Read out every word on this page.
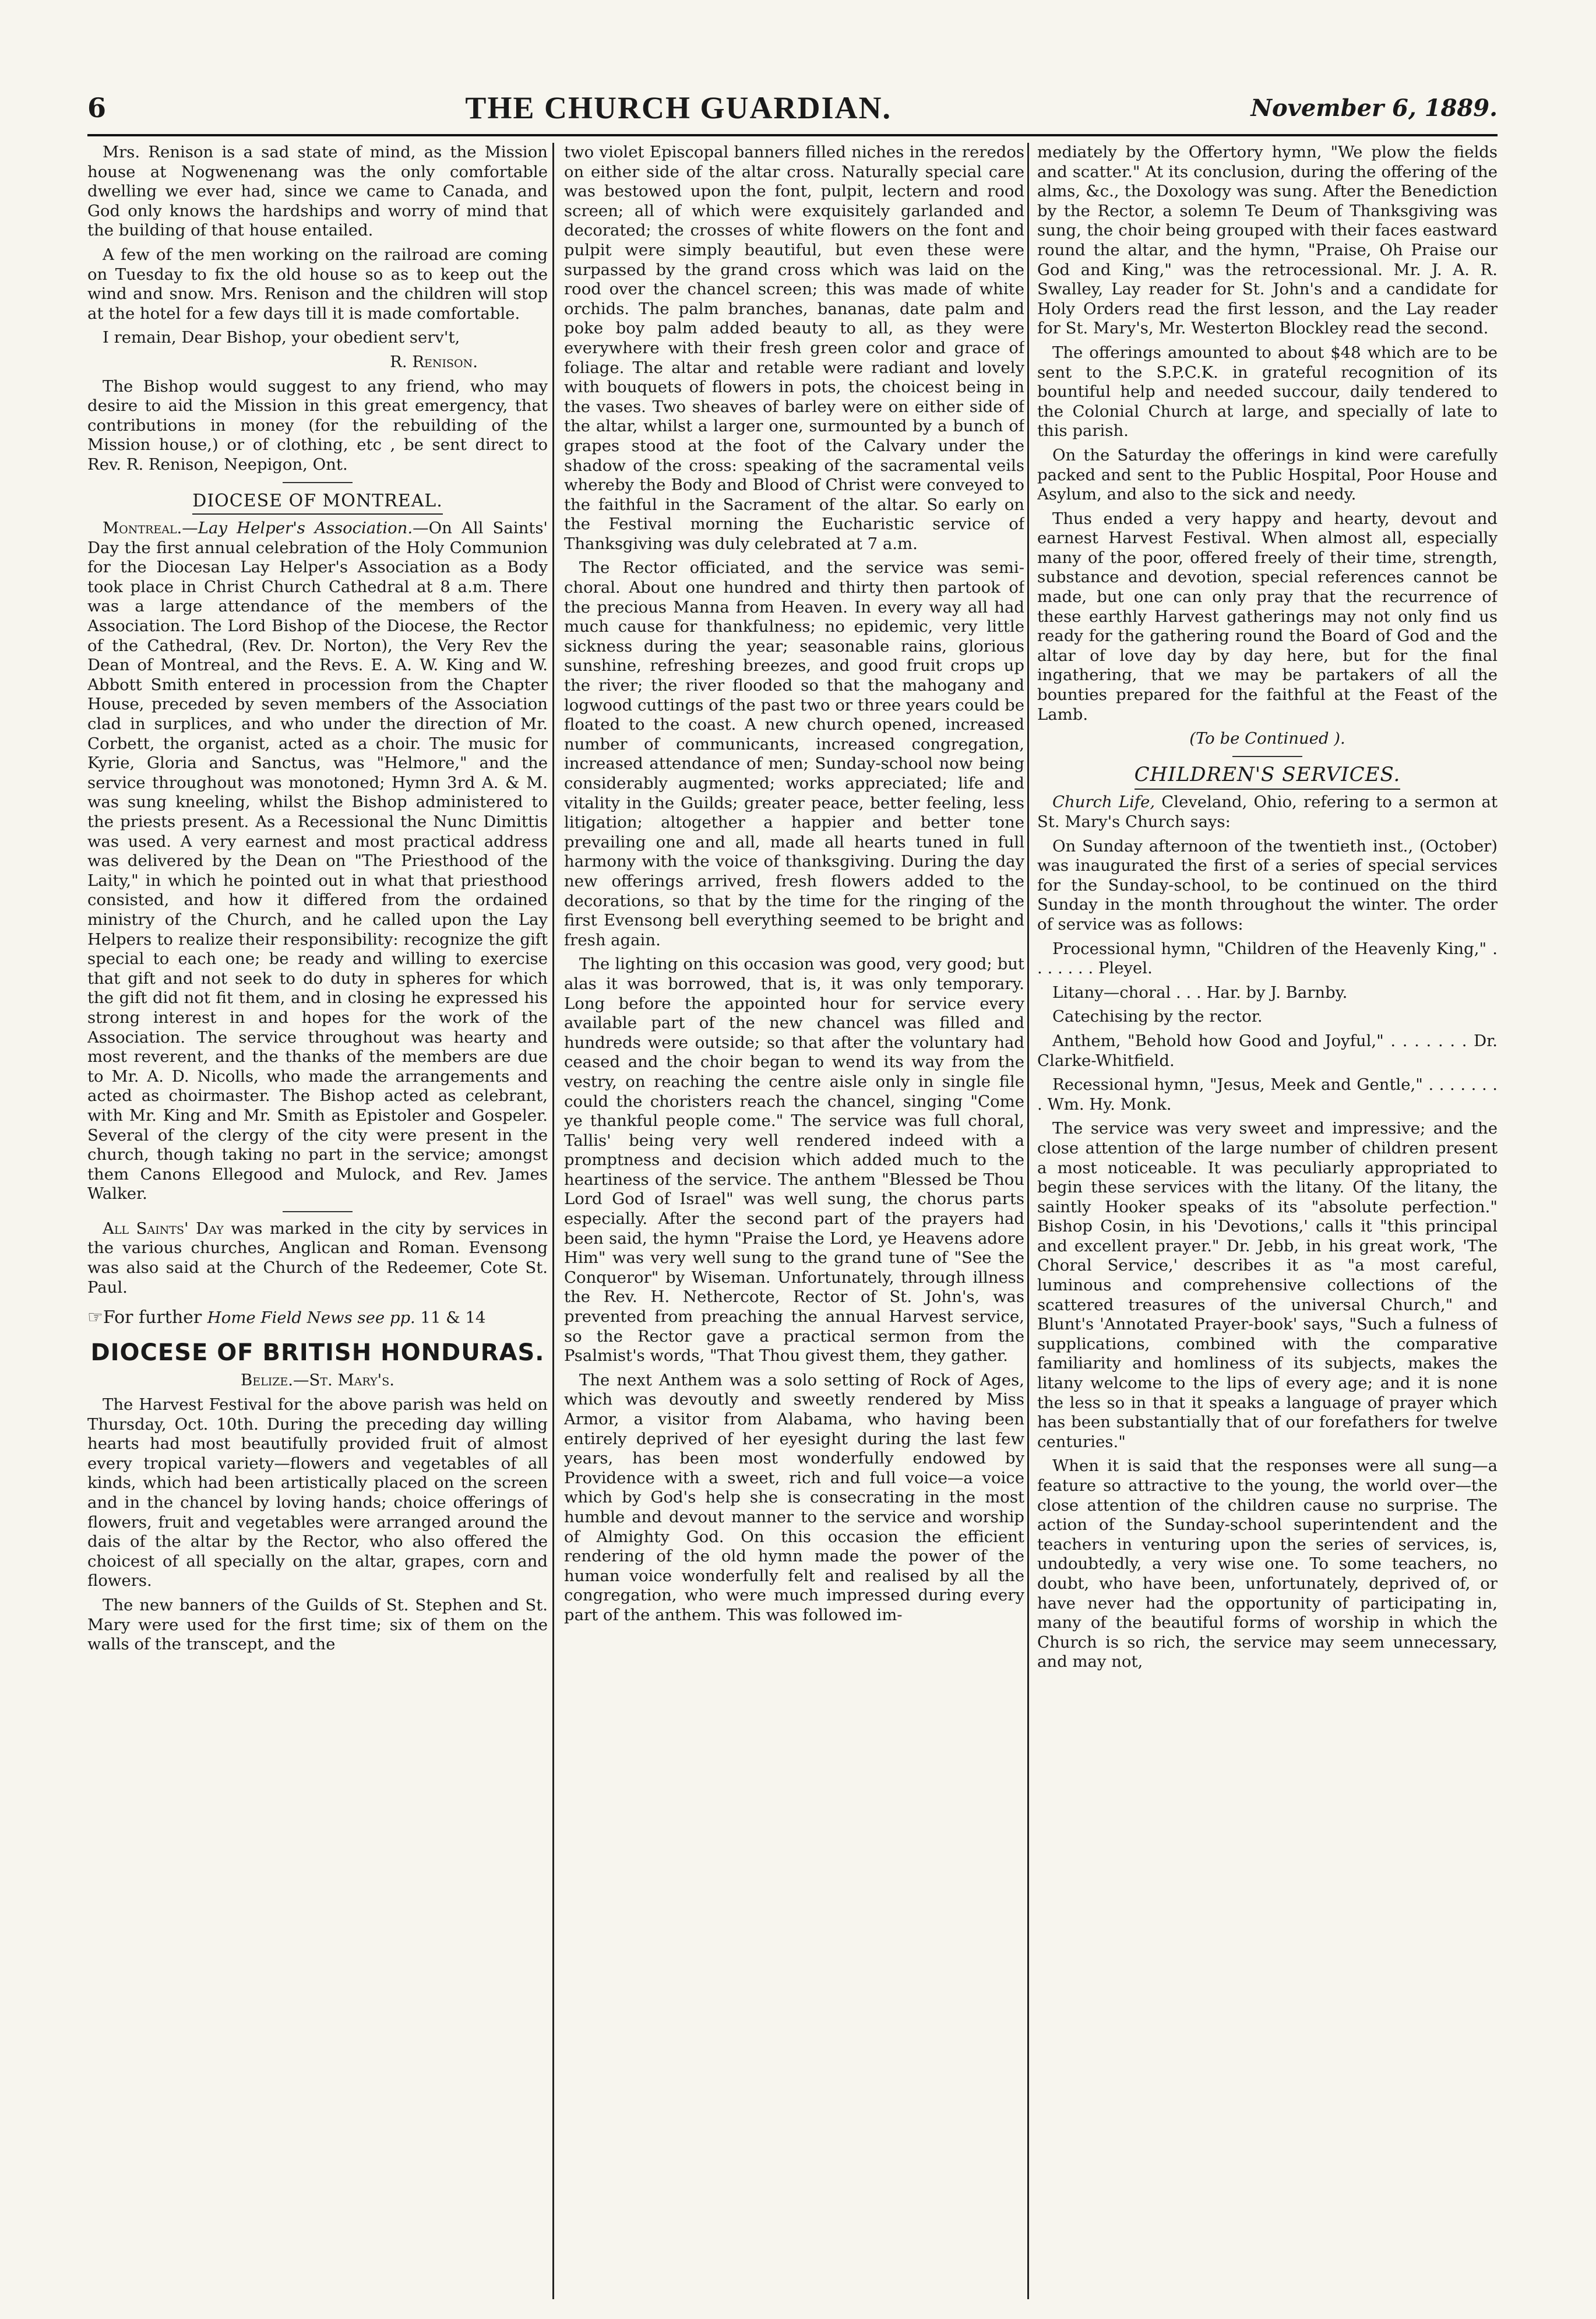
6	THE CHURCH GUARDIAN.	November 6, 1889.

Mrs. Renison is a sad state of mind, as the Mission house at Nogwenenang was the only comfortable dwelling we ever had, since we came to Canada, and God only knows the hardships and worry of mind that the building of that house entailed.

A few of the men working on the railroad are coming on Tuesday to fix the old house so as to keep out the wind and snow. Mrs. Renison and the children will stop at the hotel for a few days till it is made comfortable.

I remain, Dear Bishop, your obedient serv't,

R. Renison.

The Bishop would suggest to any friend, who may desire to aid the Mission in this great emergency, that contributions in money (for the rebuilding of the Mission house,) or of clothing, etc , be sent direct to Rev. R. Renison, Neepigon, Ont.

DIOCESE OF MONTREAL.

Montreal.—Lay Helper's Association.—On All Saints' Day the first annual celebration of the Holy Communion for the Diocesan Lay Helper's Association as a Body took place in Christ Church Cathedral at 8 a.m. There was a large attendance of the members of the Association. The Lord Bishop of the Diocese, the Rector of the Cathedral, (Rev. Dr. Norton), the Very Rev the Dean of Montreal, and the Revs. E. A. W. King and W. Abbott Smith entered in procession from the Chapter House, preceded by seven members of the Association clad in surplices, and who under the direction of Mr. Corbett, the organist, acted as a choir. The music for Kyrie, Gloria and Sanctus, was "Helmore," and the service throughout was monotoned; Hymn 3rd A. & M. was sung kneeling, whilst the Bishop administered to the priests present. As a Recessional the Nunc Dimittis was used. A very earnest and most practical address was delivered by the Dean on "The Priesthood of the Laity," in which he pointed out in what that priesthood consisted, and how it differed from the ordained ministry of the Church, and he called upon the Lay Helpers to realize their responsibility: recognize the gift special to each one; be ready and willing to exercise that gift and not seek to do duty in spheres for which the gift did not fit them, and in closing he expressed his strong interest in and hopes for the work of the Association. The service throughout was hearty and most reverent, and the thanks of the members are due to Mr. A. D. Nicolls, who made the arrangements and acted as choirmaster. The Bishop acted as celebrant, with Mr. King and Mr. Smith as Epistoler and Gospeler. Several of the clergy of the city were present in the church, though taking no part in the service; amongst them Canons Ellegood and Mulock, and Rev. James Walker.

All Saints' Day was marked in the city by services in the various churches, Anglican and Roman. Evensong was also said at the Church of the Redeemer, Cote St. Paul.

☞For further Home Field News see pp. 11 & 14

DIOCESE OF BRITISH HONDURAS.

Belize.—St. Mary's.

The Harvest Festival for the above parish was held on Thursday, Oct. 10th. During the preceding day willing hearts had most beautifully provided fruit of almost every tropical variety—flowers and vegetables of all kinds, which had been artistically placed on the screen and in the chancel by loving hands; choice offerings of flowers, fruit and vegetables were arranged around the dais of the altar by the Rector, who also offered the choicest of all specially on the altar, grapes, corn and flowers.

The new banners of the Guilds of St. Stephen and St. Mary were used for the first time; six of them on the walls of the transcept, and the

two violet Episcopal banners filled niches in the reredos on either side of the altar cross. Naturally special care was bestowed upon the font, pulpit, lectern and rood screen; all of which were exquisitely garlanded and decorated; the crosses of white flowers on the font and pulpit were simply beautiful, but even these were surpassed by the grand cross which was laid on the rood over the chancel screen; this was made of white orchids. The palm branches, bananas, date palm and poke boy palm added beauty to all, as they were everywhere with their fresh green color and grace of foliage. The altar and retable were radiant and lovely with bouquets of flowers in pots, the choicest being in the vases. Two sheaves of barley were on either side of the altar, whilst a larger one, surmounted by a bunch of grapes stood at the foot of the Calvary under the shadow of the cross: speaking of the sacramental veils whereby the Body and Blood of Christ were conveyed to the faithful in the Sacrament of the altar. So early on the Festival morning the Eucharistic service of Thanksgiving was duly celebrated at 7 a.m.

The Rector officiated, and the service was semi-choral. About one hundred and thirty then partook of the precious Manna from Heaven. In every way all had much cause for thankfulness; no epidemic, very little sickness during the year; seasonable rains, glorious sunshine, refreshing breezes, and good fruit crops up the river; the river flooded so that the mahogany and logwood cuttings of the past two or three years could be floated to the coast. A new church opened, increased number of communicants, increased congregation, increased attendance of men; Sunday-school now being considerably augmented; works appreciated; life and vitality in the Guilds; greater peace, better feeling, less litigation; altogether a happier and better tone prevailing one and all, made all hearts tuned in full harmony with the voice of thanksgiving. During the day new offerings arrived, fresh flowers added to the decorations, so that by the time for the ringing of the first Evensong bell everything seemed to be bright and fresh again.

The lighting on this occasion was good, very good; but alas it was borrowed, that is, it was only temporary. Long before the appointed hour for service every available part of the new chancel was filled and hundreds were outside; so that after the voluntary had ceased and the choir began to wend its way from the vestry, on reaching the centre aisle only in single file could the choristers reach the chancel, singing "Come ye thankful people come." The service was full choral, Tallis' being very well rendered indeed with a promptness and decision which added much to the heartiness of the service. The anthem "Blessed be Thou Lord God of Israel" was well sung, the chorus parts especially. After the second part of the prayers had been said, the hymn "Praise the Lord, ye Heavens adore Him" was very well sung to the grand tune of "See the Conqueror" by Wiseman. Unfortunately, through illness the Rev. H. Nethercote, Rector of St. John's, was prevented from preaching the annual Harvest service, so the Rector gave a practical sermon from the Psalmist's words, "That Thou givest them, they gather.

The next Anthem was a solo setting of Rock of Ages, which was devoutly and sweetly rendered by Miss Armor, a visitor from Alabama, who having been entirely deprived of her eyesight during the last few years, has been most wonderfully endowed by Providence with a sweet, rich and full voice—a voice which by God's help she is consecrating in the most humble and devout manner to the service and worship of Almighty God. On this occasion the efficient rendering of the old hymn made the power of the human voice wonderfully felt and realised by all the congregation, who were much impressed during every part of the anthem. This was followed im-

mediately by the Offertory hymn, "We plow the fields and scatter." At its conclusion, during the offering of the alms, &c., the Doxology was sung. After the Benediction by the Rector, a solemn Te Deum of Thanksgiving was sung, the choir being grouped with their faces eastward round the altar, and the hymn, "Praise, Oh Praise our God and King," was the retrocessional. Mr. J. A. R. Swalley, Lay reader for St. John's and a candidate for Holy Orders read the first lesson, and the Lay reader for St. Mary's, Mr. Westerton Blockley read the second.

The offerings amounted to about $48 which are to be sent to the S.P.C.K. in grateful recognition of its bountiful help and needed succour, daily tendered to the Colonial Church at large, and specially of late to this parish.

On the Saturday the offerings in kind were carefully packed and sent to the Public Hospital, Poor House and Asylum, and also to the sick and needy.

Thus ended a very happy and hearty, devout and earnest Harvest Festival. When almost all, especially many of the poor, offered freely of their time, strength, substance and devotion, special references cannot be made, but one can only pray that the recurrence of these earthly Harvest gatherings may not only find us ready for the gathering round the Board of God and the altar of love day by day here, but for the final ingathering, that we may be partakers of all the bounties prepared for the faithful at the Feast of the Lamb.

(To be Continued ).

CHILDREN'S SERVICES.

Church Life, Cleveland, Ohio, refering to a sermon at St. Mary's Church says:

On Sunday afternoon of the twentieth inst., (October) was inaugurated the first of a series of special services for the Sunday-school, to be continued on the third Sunday in the month throughout the winter. The order of service was as follows:

Processional hymn, "Children of the Heavenly King," . . . . . . . Pleyel.

Litany—choral . . . Har. by J. Barnby.

Catechising by the rector.

Anthem, "Behold how Good and Joyful," . . . . . . . Dr. Clarke-Whitfield.

Recessional hymn, "Jesus, Meek and Gentle," . . . . . . . . Wm. Hy. Monk.

The service was very sweet and impressive; and the close attention of the large number of children present a most noticeable. It was peculiarly appropriated to begin these services with the litany. Of the litany, the saintly Hooker speaks of its "absolute perfection." Bishop Cosin, in his 'Devotions,' calls it "this principal and excellent prayer." Dr. Jebb, in his great work, 'The Choral Service,' describes it as "a most careful, luminous and comprehensive collections of the scattered treasures of the universal Church," and Blunt's 'Annotated Prayer-book' says, "Such a fulness of supplications, combined with the comparative familiarity and homliness of its subjects, makes the litany welcome to the lips of every age; and it is none the less so in that it speaks a language of prayer which has been substantially that of our forefathers for twelve centuries."

When it is said that the responses were all sung—a feature so attractive to the young, the world over—the close attention of the children cause no surprise. The action of the Sunday-school superintendent and the teachers in venturing upon the series of services, is, undoubtedly, a very wise one. To some teachers, no doubt, who have been, unfortunately, deprived of, or have never had the opportunity of participating in, many of the beautiful forms of worship in which the Church is so rich, the service may seem unnecessary, and may not,
